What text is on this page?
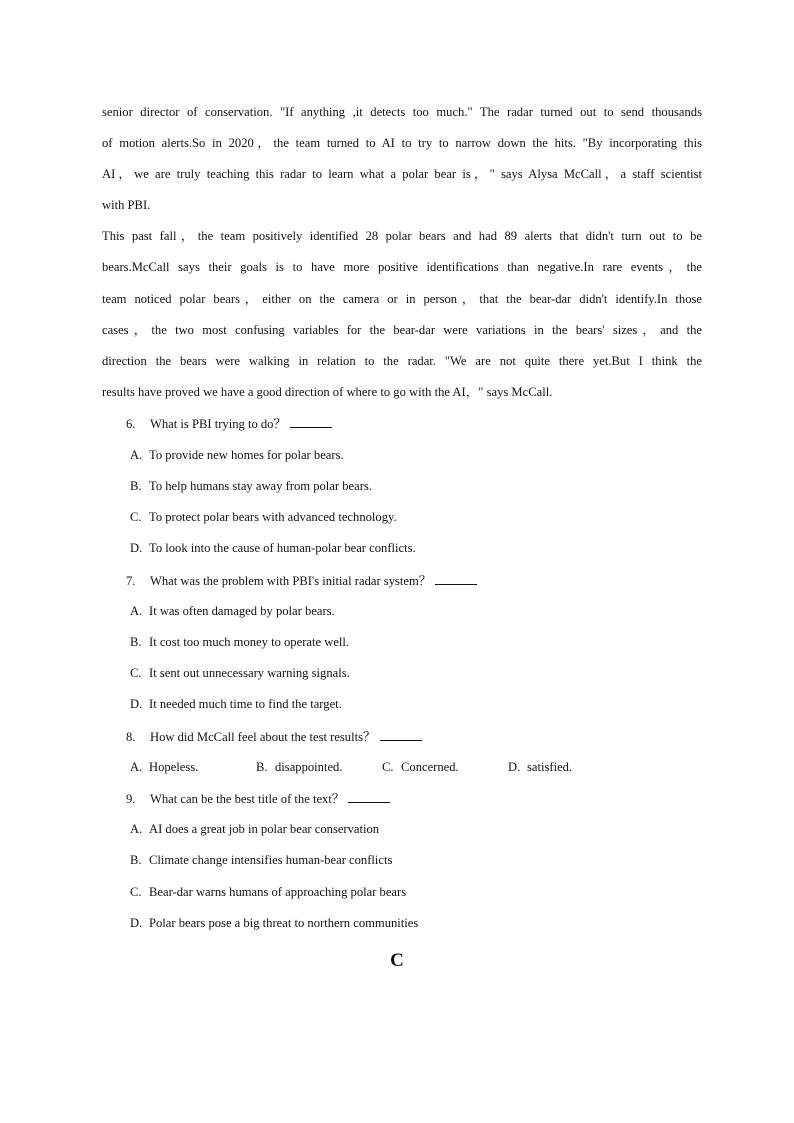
senior director of conservation. "If anything ,it detects too much." The radar turned out to send thousands
of motion alerts.So in 2020，the team turned to AI to try to narrow down the hits. "By incorporating this
AI，we are truly teaching this radar to learn what a polar bear is，" says Alysa McCall，a staff scientist
with PBI.
This past fall，the team positively identified 28 polar bears and had 89 alerts that didn't turn out to be
bears.McCall says their goals is to have more positive identifications than negative.In rare events，the
team noticed polar bears，either on the camera or in person，that the bear-dar didn't identify.In those
cases，the two most confusing variables for the bear-dar were variations in the bears' sizes，and the
direction the bears were walking in relation to the radar. "We are not quite there yet.But I think the
results have proved we have a good direction of where to go with the AI，" says McCall.
6. What is PBI trying to do？
A. To provide new homes for polar bears.
B. To help humans stay away from polar bears.
C. To protect polar bears with advanced technology.
D. To look into the cause of human-polar bear conflicts.
7. What was the problem with PBI's initial radar system？
A. It was often damaged by polar bears.
B. It cost too much money to operate well.
C. It sent out unnecessary warning signals.
D. It needed much time to find the target.
8. How did McCall feel about the test results？
A. Hopeless.	B. disappointed.	C. Concerned.	D. satisfied.
9. What can be the best title of the text？
A. AI does a great job in polar bear conservation
B. Climate change intensifies human-bear conflicts
C. Bear-dar warns humans of approaching polar bears
D. Polar bears pose a big threat to northern communities
C
